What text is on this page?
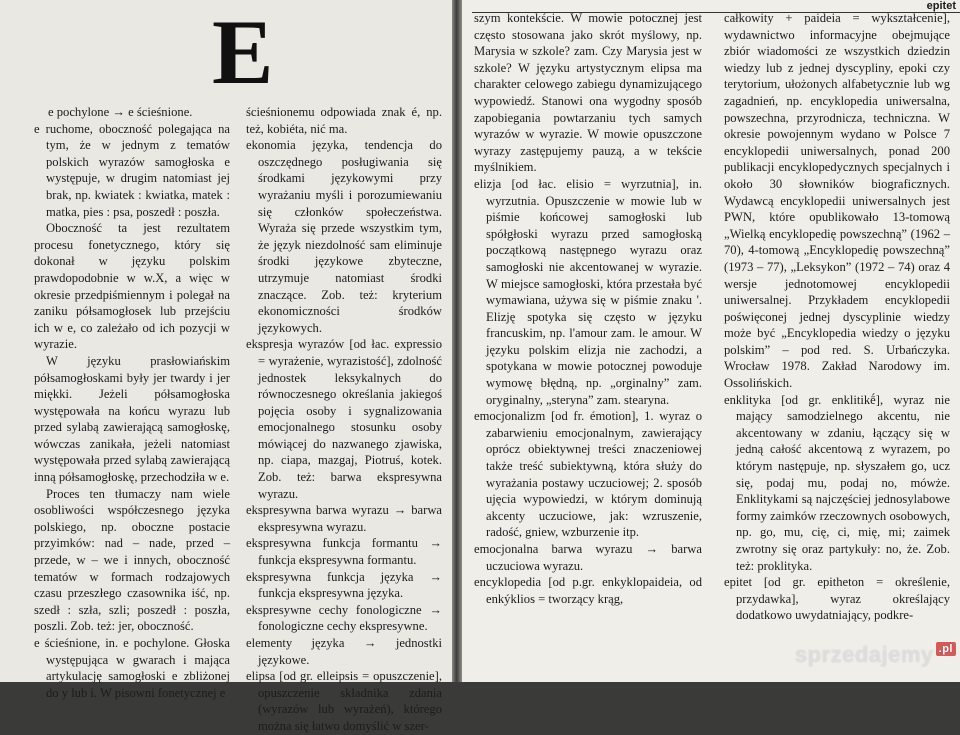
E

e pochylone → e ścieśnione.

e ruchome, oboczność polegająca na tym, że w jednym z tematów polskich wyrazów samogłoska e występuje, w drugim natomiast jej brak, np. kwiatek : kwiatka, matek : matka, pies : psa, poszedł : poszła.

Oboczność ta jest rezultatem procesu fonetycznego, który się dokonał w języku polskim prawdopodobnie w w.X, a więc w okresie przedpiśmiennym i polegał na zaniku półsamogłosek lub przejściu ich w e, co zależało od ich pozycji w wyrazie.

W języku prasłowiańskim półsamogłoskami były jer twardy i jer miękki. Jeżeli półsamogłoska występowała na końcu wyrazu lub przed sylabą zawierającą samogłoskę, wówczas zanikała, jeżeli natomiast występowała przed sylabą zawierającą inną półsamogłoskę, przechodziła w e.

Proces ten tłumaczy nam wiele osobliwości współczesnego języka polskiego, np. oboczne postacie przyimków: nad – nade, przed – przede, w – we i innych, oboczność tematów w formach rodzajowych czasu przeszłego czasownika iść, np. szedł : szła, szli; poszedł : poszła, poszli. Zob. też: jer, oboczność.

e ścieśnione, in. e pochylone. Głoska występująca w gwarach i mająca artykulację samogłoski e zbliżonej do y lub i. W pisowni fonetycznej e

ścieśnionemu odpowiada znak é, np. też, kobiéta, nić ma.

ekonomia języka, tendencja do oszczędnego posługiwania się środkami językowymi przy wyrażaniu myśli i porozumiewaniu się członków społeczeństwa. Wyraża się przede wszystkim tym, że język niezdolność sam eliminuje środki językowe zbyteczne, utrzymuje natomiast środki znaczące. Zob. też: kryterium ekonomiczności środków językowych.

ekspresja wyrazów [od łac. expressio = wyrażenie, wyrazistość], zdolność jednostek leksykalnych do równoczesnego określania jakiegoś pojęcia osoby i sygnalizowania emocjonalnego stosunku osoby mówiącej do nazwanego zjawiska, np. ciapa, mazgaj, Piotruś, kotek. Zob. też: barwa ekspresywna wyrazu.

ekspresywna barwa wyrazu → barwa ekspresywna wyrazu.

ekspresywna funkcja formantu → funkcja ekspresywna formantu.

ekspresywna funkcja języka → funkcja ekspresywna języka.

ekspresywne cechy fonologiczne → fonologiczne cechy ekspresywne.

elementy języka → jednostki językowe.

elipsa [od gr. elleipsis = opuszczenie], opuszczenie składnika zdania (wyrazów lub wyrażeń), którego można się łatwo domyślić w szer-

epitet

szym kontekście. W mowie potocznej jest często stosowana jako skrót myślowy, np. Marysia w szkole? zam. Czy Marysia jest w szkole? W języku artystycznym elipsa ma charakter celowego zabiegu dynamizującego wypowiedź. Stanowi ona wygodny sposób zapobiegania powtarzaniu tych samych wyrazów w wyrazie. W mowie opuszczone wyrazy zastępujemy pauzą, a w tekście myślnikiem.

elizja [od łac. elisio = wyrzutnia], in. wyrzutnia. Opuszczenie w mowie lub w piśmie końcowej samogłoski lub spółgłoski wyrazu przed samogłoską początkową następnego wyrazu oraz samogłoski nie akcentowanej w wyrazie. W miejsce samogłoski, która przestała być wymawiana, używa się w piśmie znaku '. Elizję spotyka się często w języku francuskim, np. l'amour zam. le amour. W języku polskim elizja nie zachodzi, a spotykana w mowie potocznej powoduje wymowę błędną, np. „orginalny” zam. oryginalny, „steryna” zam. stearyna.

emocjonalizm [od fr. émotion], 1. wyraz o zabarwieniu emocjonalnym, zawierający oprócz obiektywnej treści znaczeniowej także treść subiektywną, która służy do wyrażania postawy uczuciowej; 2. sposób ujęcia wypowiedzi, w którym dominują akcenty uczuciowe, jak: wzruszenie, radość, gniew, wzburzenie itp.

emocjonalna barwa wyrazu → barwa uczuciowa wyrazu.

encyklopedia [od p.gr. enkyklopaideia, od enkýklios = tworzący krąg,

całkowity + paideia = wykształcenie], wydawnictwo informacyjne obejmujące zbiór wiadomości ze wszystkich dziedzin wiedzy lub z jednej dyscypliny, epoki czy terytorium, ułożonych alfabetycznie lub wg zagadnień, np. encyklopedia uniwersalna, powszechna, przyrodnicza, techniczna. W okresie powojennym wydano w Polsce 7 encyklopedii uniwersalnych, ponad 200 publikacji encyklopedycznych specjalnych i około 30 słowników biograficznych. Wydawcą encyklopedii uniwersalnych jest PWN, które opublikowało 13-tomową „Wielką encyklopedię powszechną” (1962 – 70), 4-tomową „Encyklopedię powszechną” (1973 – 77), „Leksykon” (1972 – 74) oraz 4 wersje jednotomowej encyklopedii uniwersalnej. Przykładem encyklopedii poświęconej jednej dyscyplinie wiedzy może być „Encyklopedia wiedzy o języku polskim” – pod red. S. Urbańczyka. Wrocław 1978. Zakład Narodowy im. Ossolińskich.

enklityka [od gr. enklitikḗ], wyraz nie mający samodzielnego akcentu, nie akcentowany w zdaniu, łączący się w jedną całość akcentową z wyrazem, po którym następuje, np. słyszałem go, ucz się, podaj mu, podaj no, mówże. Enklitykami są najczęściej jednosylabowe formy zaimków rzeczownych osobowych, np. go, mu, cię, ci, mię, mi; zaimek zwrotny się oraz partykuły: no, że. Zob. też: proklityka.

epitet [od gr. epitheton = określenie, przydawka], wyraz określający dodatkowo uwydatniający, podkre-

sprzedajemy .pl
